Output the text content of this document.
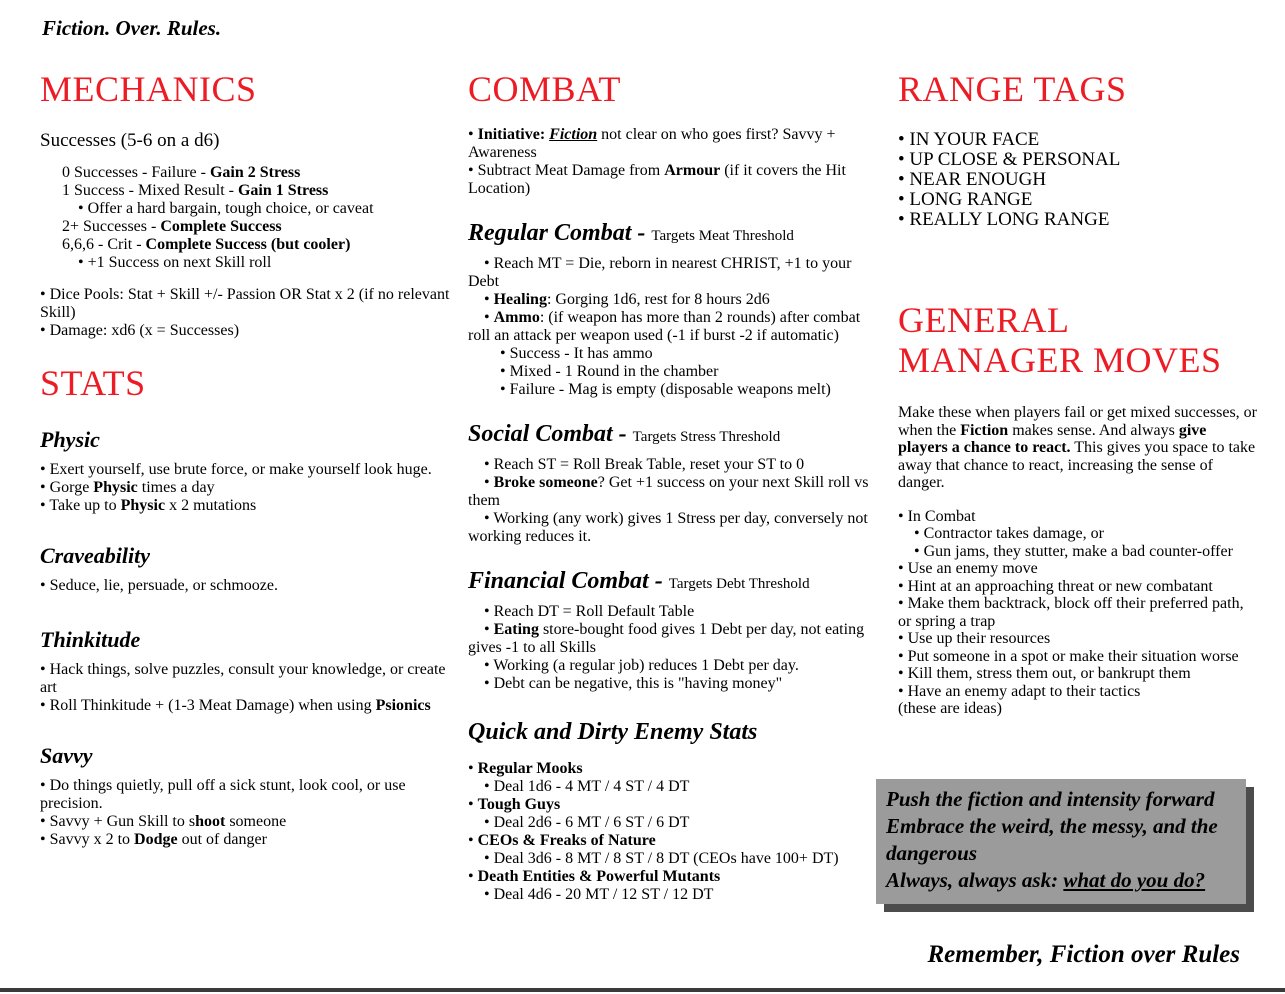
Fiction. Over. Rules.
MECHANICS
Successes (5-6 on a d6)
0 Successes - Failure - Gain 2 Stress
1 Success - Mixed Result - Gain 1 Stress
• Offer a hard bargain, tough choice, or caveat
2+ Successes - Complete Success
6,6,6 - Crit - Complete Success (but cooler)
• +1 Success on next Skill roll
• Dice Pools: Stat + Skill +/- Passion OR Stat x 2 (if no relevant Skill)
• Damage: xd6 (x = Successes)
STATS
Physic
• Exert yourself, use brute force, or make yourself look huge.
• Gorge Physic times a day
• Take up to Physic x 2 mutations
Craveability
• Seduce, lie, persuade, or schmooze.
Thinkitude
• Hack things, solve puzzles, consult your knowledge, or create art
• Roll Thinkitude + (1-3 Meat Damage) when using Psionics
Savvy
• Do things quietly, pull off a sick stunt, look cool, or use precision.
• Savvy + Gun Skill to shoot someone
• Savvy x 2 to Dodge out of danger
COMBAT
• Initiative: Fiction not clear on who goes first? Savvy + Awareness
• Subtract Meat Damage from Armour (if it covers the Hit Location)
Regular Combat - Targets Meat Threshold
• Reach MT = Die, reborn in nearest CHRIST, +1 to your Debt
• Healing: Gorging 1d6, rest for 8 hours 2d6
• Ammo: (if weapon has more than 2 rounds) after combat roll an attack per weapon used (-1 if burst -2 if automatic)
• Success - It has ammo
• Mixed - 1 Round in the chamber
• Failure - Mag is empty (disposable weapons melt)
Social Combat - Targets Stress Threshold
• Reach ST = Roll Break Table, reset your ST to 0
• Broke someone? Get +1 success on your next Skill roll vs them
• Working (any work) gives 1 Stress per day, conversely not working reduces it.
Financial Combat - Targets Debt Threshold
• Reach DT = Roll Default Table
• Eating store-bought food gives 1 Debt per day, not eating gives -1 to all Skills
• Working (a regular job) reduces 1 Debt per day.
• Debt can be negative, this is "having money"
Quick and Dirty Enemy Stats
• Regular Mooks
• Deal 1d6 - 4 MT / 4 ST / 4 DT
• Tough Guys
• Deal 2d6 - 6 MT / 6 ST / 6 DT
• CEOs & Freaks of Nature
• Deal 3d6 - 8 MT / 8 ST / 8 DT (CEOs have 100+ DT)
• Death Entities & Powerful Mutants
• Deal 4d6 - 20 MT / 12 ST / 12 DT
RANGE TAGS
• IN YOUR FACE
• UP CLOSE & PERSONAL
• NEAR ENOUGH
• LONG RANGE
• REALLY LONG RANGE
GENERAL MANAGER MOVES
Make these when players fail or get mixed successes, or when the Fiction makes sense. And always give players a chance to react. This gives you space to take away that chance to react, increasing the sense of danger.
• In Combat
• Contractor takes damage, or
• Gun jams, they stutter, make a bad counter-offer
• Use an enemy move
• Hint at an approaching threat or new combatant
• Make them backtrack, block off their preferred path, or spring a trap
• Use up their resources
• Put someone in a spot or make their situation worse
• Kill them, stress them out, or bankrupt them
• Have an enemy adapt to their tactics
(these are ideas)
Push the fiction and intensity forward
Embrace the weird, the messy, and the dangerous
Always, always ask: what do you do?
Remember, Fiction over Rules
